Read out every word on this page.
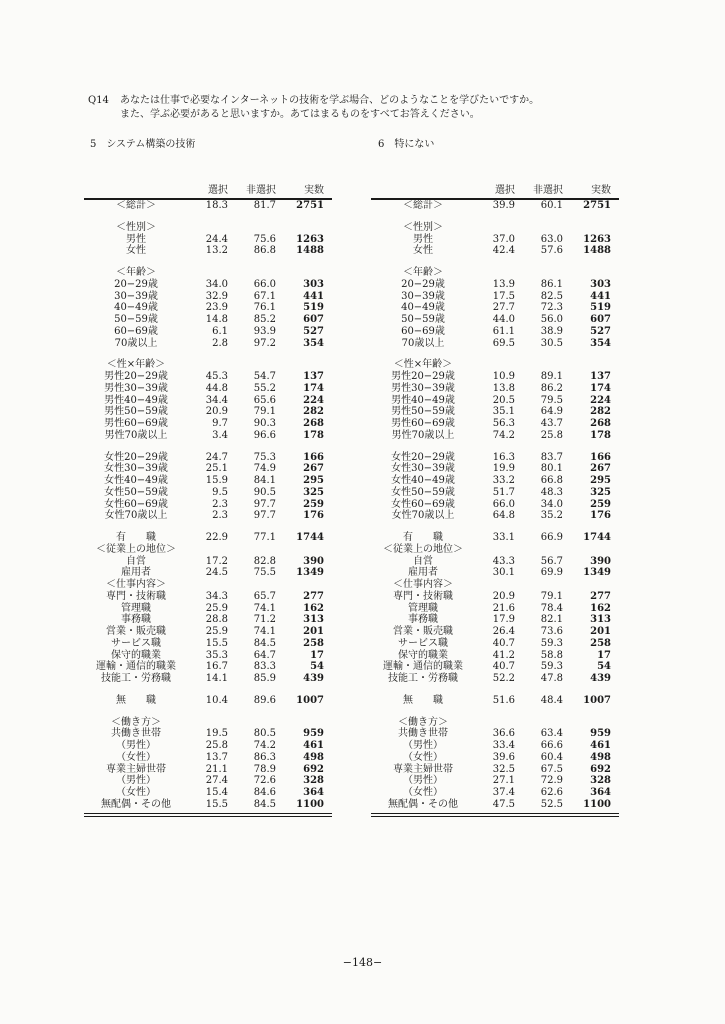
Q14	あなたは仕事で必要なインターネットの技術を学ぶ場合、どのようなことを学びたいですか。
また、学ぶ必要があると思いますか。あてはまるものをすべてお答えください。
5　システム構築の技術	6　特にない
選択	非選択	実数
＜総計＞	18.3	81.7	2751
＜性別＞
男性	24.4	75.6	1263
女性	13.2	86.8	1488
＜年齢＞
20−29歳	34.0	66.0	303
30−39歳	32.9	67.1	441
40−49歳	23.9	76.1	519
50−59歳	14.8	85.2	607
60−69歳	6.1	93.9	527
70歳以上	2.8	97.2	354
＜性×年齢＞
男性20−29歳	45.3	54.7	137
男性30−39歳	44.8	55.2	174
男性40−49歳	34.4	65.6	224
男性50−59歳	20.9	79.1	282
男性60−69歳	9.7	90.3	268
男性70歳以上	3.4	96.6	178
女性20−29歳	24.7	75.3	166
女性30−39歳	25.1	74.9	267
女性40−49歳	15.9	84.1	295
女性50−59歳	9.5	90.5	325
女性60−69歳	2.3	97.7	259
女性70歳以上	2.3	97.7	176
有　　職	22.9	77.1	1744
＜従業上の地位＞
自営	17.2	82.8	390
雇用者	24.5	75.5	1349
＜仕事内容＞
専門・技術職	34.3	65.7	277
管理職	25.9	74.1	162
事務職	28.8	71.2	313
営業・販売職	25.9	74.1	201
サービス職	15.5	84.5	258
保守的職業	35.3	64.7	17
運輸・通信的職業	16.7	83.3	54
技能工・労務職	14.1	85.9	439
無　　職	10.4	89.6	1007
＜働き方＞
共働き世帯	19.5	80.5	959
（男性）	25.8	74.2	461
（女性）	13.7	86.3	498
専業主婦世帯	21.1	78.9	692
（男性）	27.4	72.6	328
（女性）	15.4	84.6	364
無配偶・その他	15.5	84.5	1100
選択	非選択	実数
＜総計＞	39.9	60.1	2751
＜性別＞
男性	37.0	63.0	1263
女性	42.4	57.6	1488
＜年齢＞
20−29歳	13.9	86.1	303
30−39歳	17.5	82.5	441
40−49歳	27.7	72.3	519
50−59歳	44.0	56.0	607
60−69歳	61.1	38.9	527
70歳以上	69.5	30.5	354
＜性×年齢＞
男性20−29歳	10.9	89.1	137
男性30−39歳	13.8	86.2	174
男性40−49歳	20.5	79.5	224
男性50−59歳	35.1	64.9	282
男性60−69歳	56.3	43.7	268
男性70歳以上	74.2	25.8	178
女性20−29歳	16.3	83.7	166
女性30−39歳	19.9	80.1	267
女性40−49歳	33.2	66.8	295
女性50−59歳	51.7	48.3	325
女性60−69歳	66.0	34.0	259
女性70歳以上	64.8	35.2	176
有　　職	33.1	66.9	1744
＜従業上の地位＞
自営	43.3	56.7	390
雇用者	30.1	69.9	1349
＜仕事内容＞
専門・技術職	20.9	79.1	277
管理職	21.6	78.4	162
事務職	17.9	82.1	313
営業・販売職	26.4	73.6	201
サービス職	40.7	59.3	258
保守的職業	41.2	58.8	17
運輸・通信的職業	40.7	59.3	54
技能工・労務職	52.2	47.8	439
無　　職	51.6	48.4	1007
＜働き方＞
共働き世帯	36.6	63.4	959
（男性）	33.4	66.6	461
（女性）	39.6	60.4	498
専業主婦世帯	32.5	67.5	692
（男性）	27.1	72.9	328
（女性）	37.4	62.6	364
無配偶・その他	47.5	52.5	1100
−148−
